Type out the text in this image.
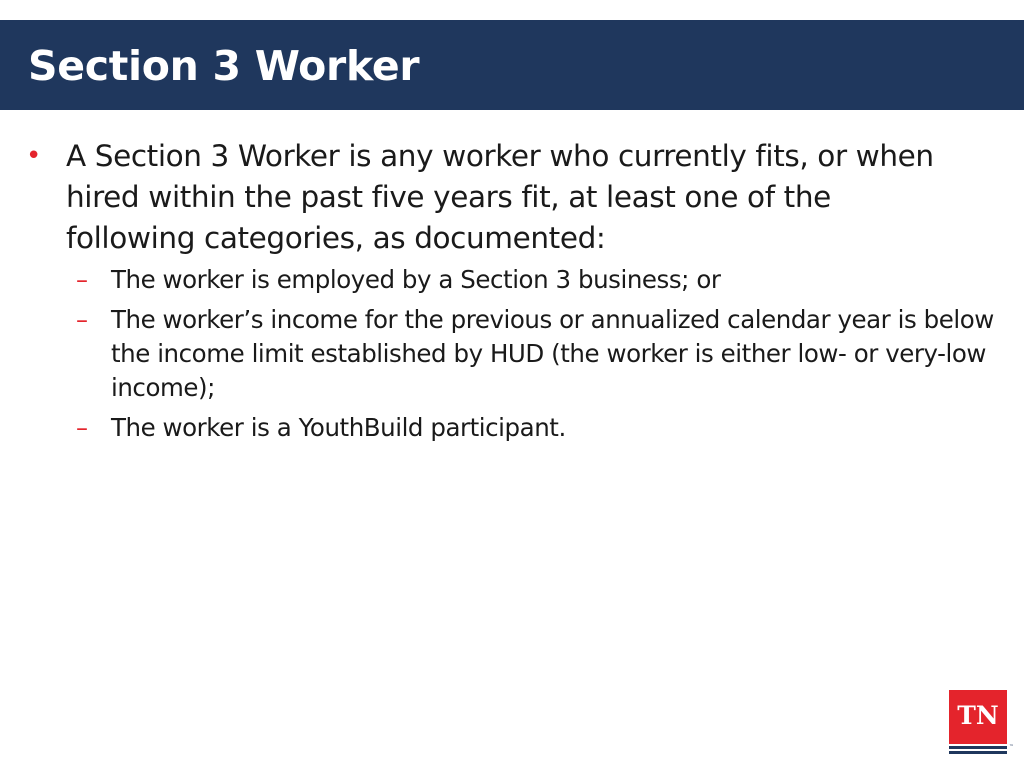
Section 3 Worker
• A Section 3 Worker is any worker who currently fits, or when hired within the past five years fit, at least one of the following categories, as documented:
– The worker is employed by a Section 3 business; or
– The worker’s income for the previous or annualized calendar year is below the income limit established by HUD (the worker is either low- or very-low income);
– The worker is a YouthBuild participant.
TN
™
